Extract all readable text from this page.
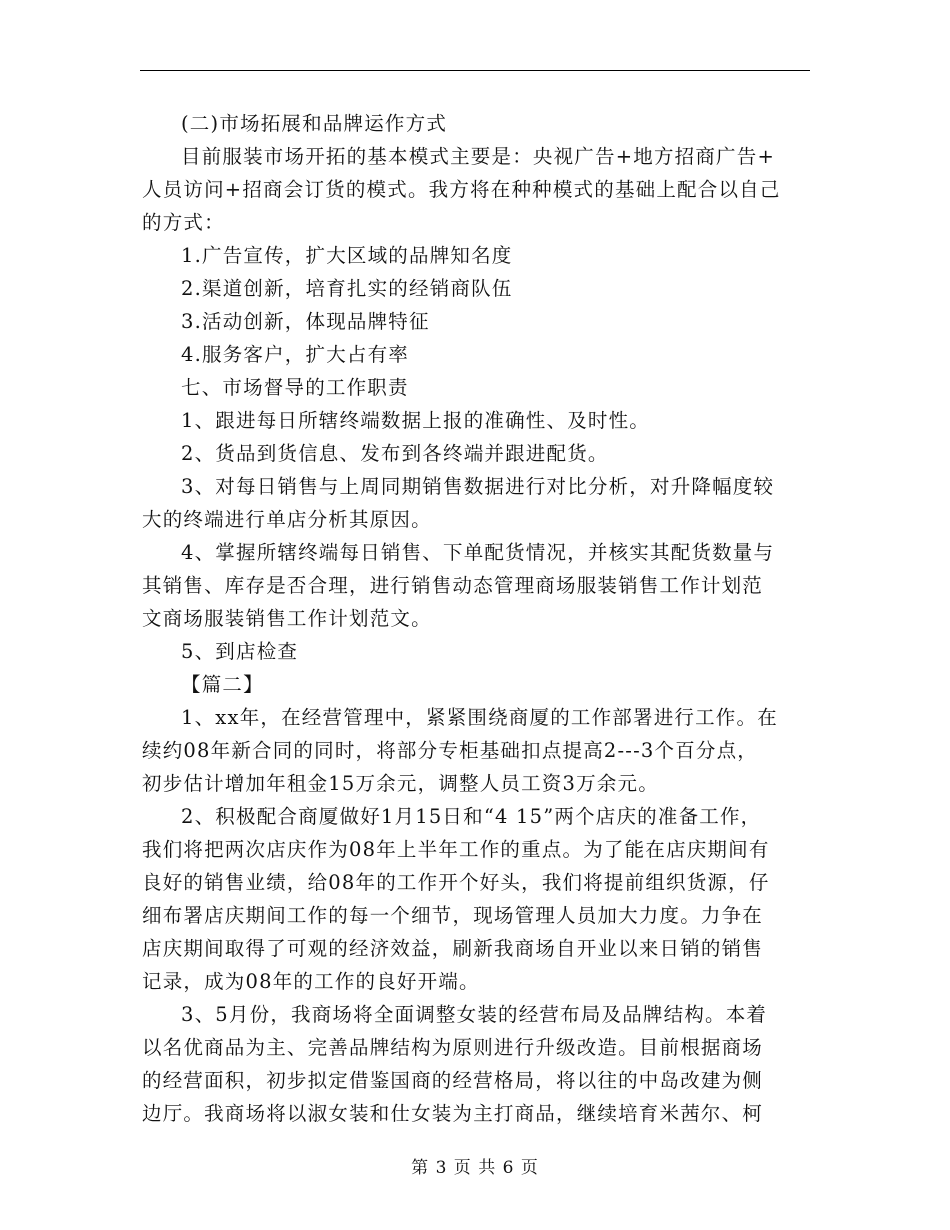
(二)市场拓展和品牌运作方式
目前服装市场开拓的基本模式主要是：央视广告+地方招商广告+
人员访问+招商会订货的模式。我方将在种种模式的基础上配合以自己
的方式：
1.广告宣传，扩大区域的品牌知名度
2.渠道创新，培育扎实的经销商队伍
3.活动创新，体现品牌特征
4.服务客户，扩大占有率
七、市场督导的工作职责
1、跟进每日所辖终端数据上报的准确性、及时性。
2、货品到货信息、发布到各终端并跟进配货。
3、对每日销售与上周同期销售数据进行对比分析，对升降幅度较
大的终端进行单店分析其原因。
4、掌握所辖终端每日销售、下单配货情况，并核实其配货数量与
其销售、库存是否合理，进行销售动态管理商场服装销售工作计划范
文商场服装销售工作计划范文。
5、到店检查
【篇二】
1、xx年，在经营管理中，紧紧围绕商厦的工作部署进行工作。在
续约08年新合同的同时，将部分专柜基础扣点提高2---3个百分点，
初步估计增加年租金15万余元，调整人员工资3万余元。
2、积极配合商厦做好1月15日和“4 15”两个店庆的准备工作，
我们将把两次店庆作为08年上半年工作的重点。为了能在店庆期间有
良好的销售业绩，给08年的工作开个好头，我们将提前组织货源，仔
细布署店庆期间工作的每一个细节，现场管理人员加大力度。力争在
店庆期间取得了可观的经济效益，刷新我商场自开业以来日销的销售
记录，成为08年的工作的良好开端。
3、5月份，我商场将全面调整女装的经营布局及品牌结构。本着
以名优商品为主、完善品牌结构为原则进行升级改造。目前根据商场
的经营面积，初步拟定借鉴国商的经营格局，将以往的中岛改建为侧
边厅。我商场将以淑女装和仕女装为主打商品，继续培育米茜尔、柯
第 3 页 共 6 页
